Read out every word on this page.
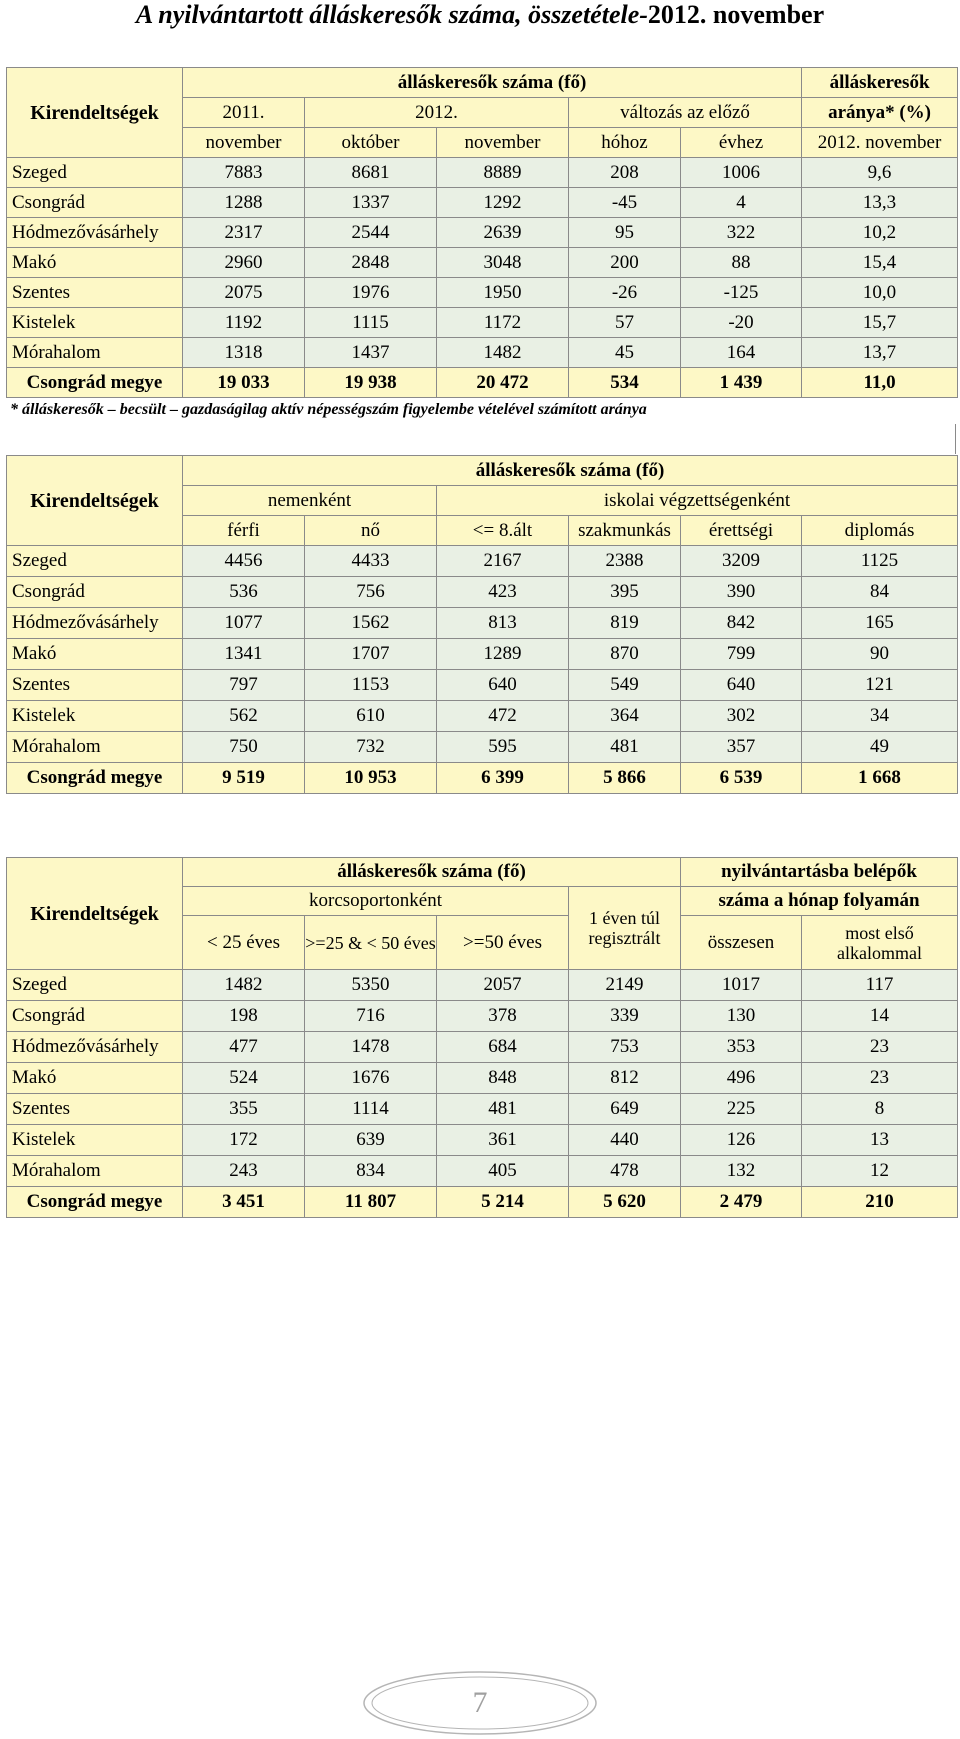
A nyilvántartott álláskeresők száma, összetétele-2012. november
Kirendeltségek	álláskeresők száma (fő)					álláskeresők
	2011.	2012.		változás az előző		aránya* (%)
	november	október	november	hóhoz	évhez	2012. november
Szeged	7883	8681	8889	208	1006	9,6
Csongrád	1288	1337	1292	-45	4	13,3
Hódmezővásárhely	2317	2544	2639	95	322	10,2
Makó	2960	2848	3048	200	88	15,4
Szentes	2075	1976	1950	-26	-125	10,0
Kistelek	1192	1115	1172	57	-20	15,7
Mórahalom	1318	1437	1482	45	164	13,7
Csongrád megye	19 033	19 938	20 472	534	1 439	11,0
* álláskeresők – becsült – gazdaságilag aktív népességszám figyelembe vételével számított aránya
Kirendeltségek	álláskeresők száma (fő)					
	nemenként		iskolai végzettségenként			
	férfi	nő	<= 8.ált	szakmunkás	érettségi	diplomás
Szeged	4456	4433	2167	2388	3209	1125
Csongrád	536	756	423	395	390	84
Hódmezővásárhely	1077	1562	813	819	842	165
Makó	1341	1707	1289	870	799	90
Szentes	797	1153	640	549	640	121
Kistelek	562	610	472	364	302	34
Mórahalom	750	732	595	481	357	49
Csongrád megye	9 519	10 953	6 399	5 866	6 539	1 668
Kirendeltségek	álláskeresők száma (fő)				nyilvántartásba belépők	
	korcsoportonként			1 éven túl regisztrált	száma a hónap folyamán	
	< 25 éves	>=25 & < 50 éves	>=50 éves		összesen	most első alkalommal
Szeged	1482	5350	2057	2149	1017	117
Csongrád	198	716	378	339	130	14
Hódmezővásárhely	477	1478	684	753	353	23
Makó	524	1676	848	812	496	23
Szentes	355	1114	481	649	225	8
Kistelek	172	639	361	440	126	13
Mórahalom	243	834	405	478	132	12
Csongrád megye	3 451	11 807	5 214	5 620	2 479	210
7
